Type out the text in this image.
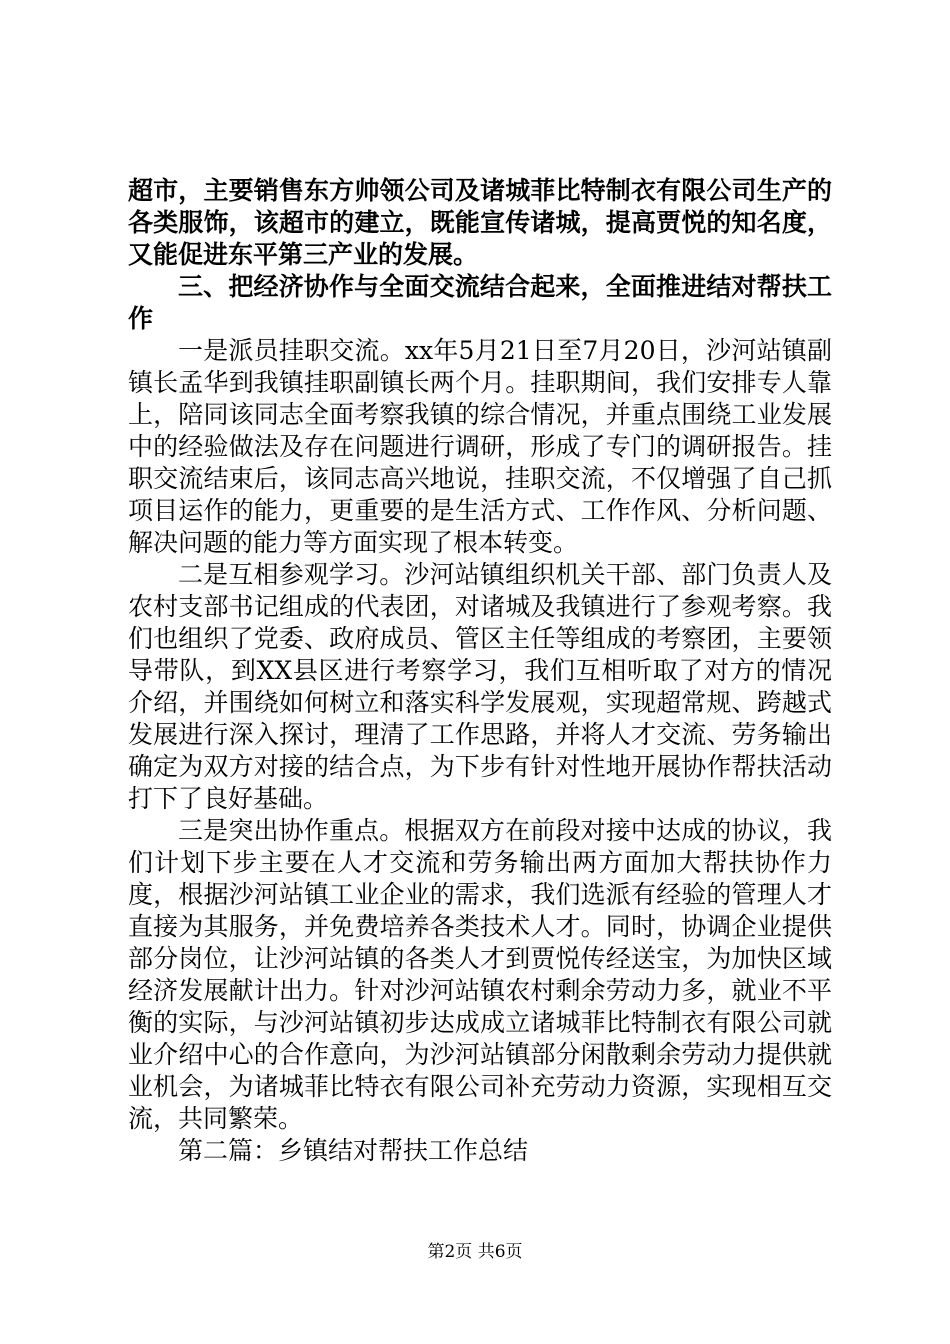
超市，主要销售东方帅领公司及诸城菲比特制衣有限公司生产的各类服饰，该超市的建立，既能宣传诸城，提高贾悦的知名度，又能促进东平第三产业的发展。

三、把经济协作与全面交流结合起来，全面推进结对帮扶工作

一是派员挂职交流。xx年5月21日至7月20日，沙河站镇副镇长孟华到我镇挂职副镇长两个月。挂职期间，我们安排专人靠上，陪同该同志全面考察我镇的综合情况，并重点围绕工业发展中的经验做法及存在问题进行调研，形成了专门的调研报告。挂职交流结束后，该同志高兴地说，挂职交流，不仅增强了自己抓项目运作的能力，更重要的是生活方式、工作作风、分析问题、解决问题的能力等方面实现了根本转变。

二是互相参观学习。沙河站镇组织机关干部、部门负责人及农村支部书记组成的代表团，对诸城及我镇进行了参观考察。我们也组织了党委、政府成员、管区主任等组成的考察团，主要领导带队，到XX县区进行考察学习，我们互相听取了对方的情况介绍，并围绕如何树立和落实科学发展观，实现超常规、跨越式发展进行深入探讨，理清了工作思路，并将人才交流、劳务输出确定为双方对接的结合点，为下步有针对性地开展协作帮扶活动打下了良好基础。

三是突出协作重点。根据双方在前段对接中达成的协议，我们计划下步主要在人才交流和劳务输出两方面加大帮扶协作力度，根据沙河站镇工业企业的需求，我们选派有经验的管理人才直接为其服务，并免费培养各类技术人才。同时，协调企业提供部分岗位，让沙河站镇的各类人才到贾悦传经送宝，为加快区域经济发展献计出力。针对沙河站镇农村剩余劳动力多，就业不平衡的实际，与沙河站镇初步达成成立诸城菲比特制衣有限公司就业介绍中心的合作意向，为沙河站镇部分闲散剩余劳动力提供就业机会，为诸城菲比特衣有限公司补充劳动力资源，实现相互交流，共同繁荣。

第二篇：乡镇结对帮扶工作总结

第2页 共6页
